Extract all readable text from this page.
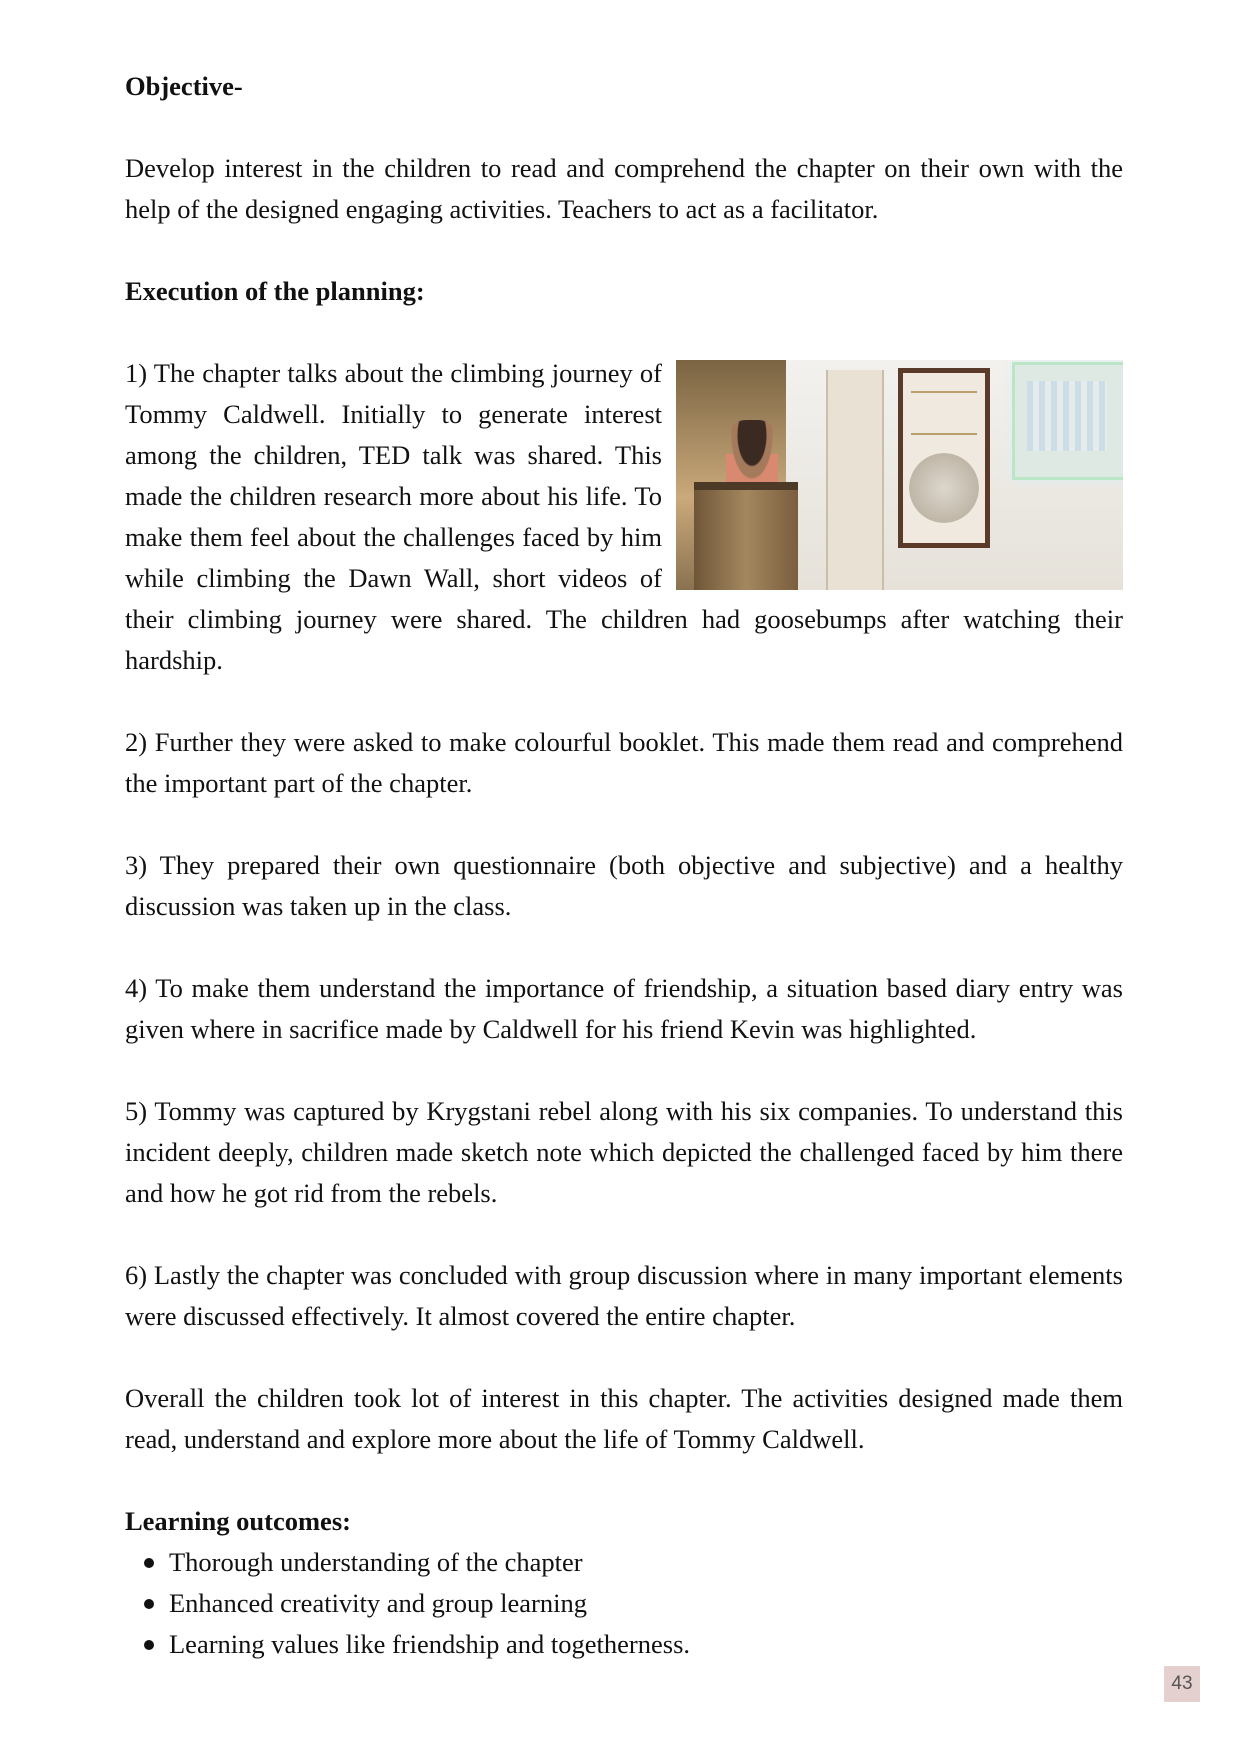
Objective-

Develop interest in the children to read and comprehend the chapter on their own with the help of the designed engaging activities. Teachers to act as a facilitator.

Execution of the planning:

1) The chapter talks about the climbing journey of Tommy Caldwell. Initially to generate interest among the children, TED talk was shared. This made the children research more about his life. To make them feel about the challenges faced by him while climbing the Dawn Wall, short videos of their climbing journey were shared. The children had goosebumps after watching their hardship.

2) Further they were asked to make colourful booklet. This made them read and comprehend the important part of the chapter.

3) They prepared their own questionnaire (both objective and subjective) and a healthy discussion was taken up in the class.

4) To make them understand the importance of friendship, a situation based diary entry was given where in sacrifice made by Caldwell for his friend Kevin was highlighted.

5) Tommy was captured by Krygstani rebel along with his six companies. To understand this incident deeply, children made sketch note which depicted the challenged faced by him there and how he got rid from the rebels.

6) Lastly the chapter was concluded with group discussion where in many important elements were discussed effectively. It almost covered the entire chapter.

Overall the children took lot of interest in this chapter. The activities designed made them read, understand and explore more about the life of Tommy Caldwell.

Learning outcomes:

Thorough understanding of the chapter
Enhanced creativity and group learning
Learning values like friendship and togetherness.
43
